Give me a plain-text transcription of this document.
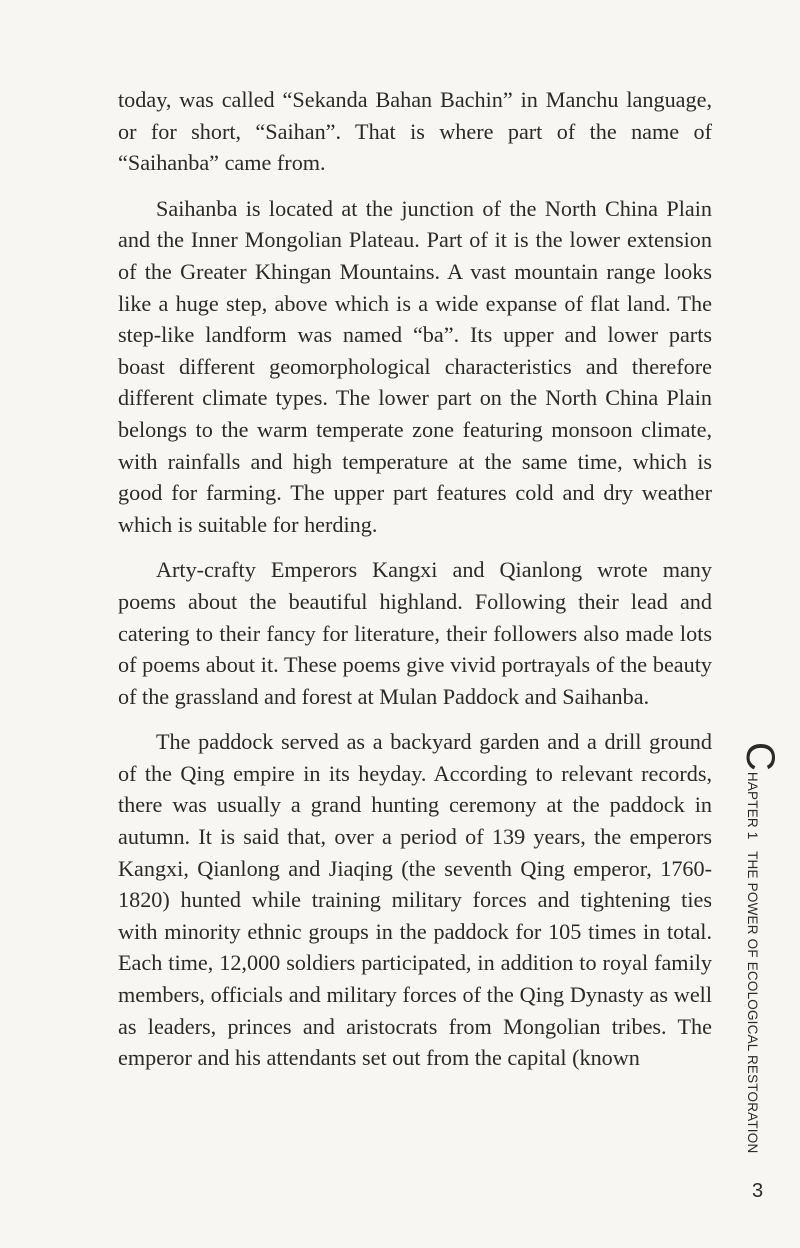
today, was called “Sekanda Bahan Bachin” in Manchu language, or for short, “Saihan”. That is where part of the name of “Saihanba” came from.

Saihanba is located at the junction of the North China Plain and the Inner Mongolian Plateau. Part of it is the lower extension of the Greater Khingan Mountains. A vast mountain range looks like a huge step, above which is a wide expanse of flat land. The step-like landform was named “ba”. Its upper and lower parts boast different geomorphological characteristics and therefore different climate types. The lower part on the North China Plain belongs to the warm temperate zone featuring monsoon climate, with rainfalls and high temperature at the same time, which is good for farming. The upper part features cold and dry weather which is suitable for herding.

Arty-crafty Emperors Kangxi and Qianlong wrote many poems about the beautiful highland. Following their lead and catering to their fancy for literature, their followers also made lots of poems about it. These poems give vivid portrayals of the beauty of the grassland and forest at Mulan Paddock and Saihanba.

The paddock served as a backyard garden and a drill ground of the Qing empire in its heyday. According to relevant records, there was usually a grand hunting ceremony at the paddock in autumn. It is said that, over a period of 139 years, the emperors Kangxi, Qianlong and Jiaqing (the seventh Qing emperor, 1760-1820) hunted while training military forces and tightening ties with minority ethnic groups in the paddock for 105 times in total. Each time, 12,000 soldiers participated, in addition to royal family members, officials and military forces of the Qing Dynasty as well as leaders, princes and aristocrats from Mongolian tribes. The emperor and his attendants set out from the capital (known

C
HAPTER 1   THE POWER OF ECOLOGICAL RESTORATION
3
